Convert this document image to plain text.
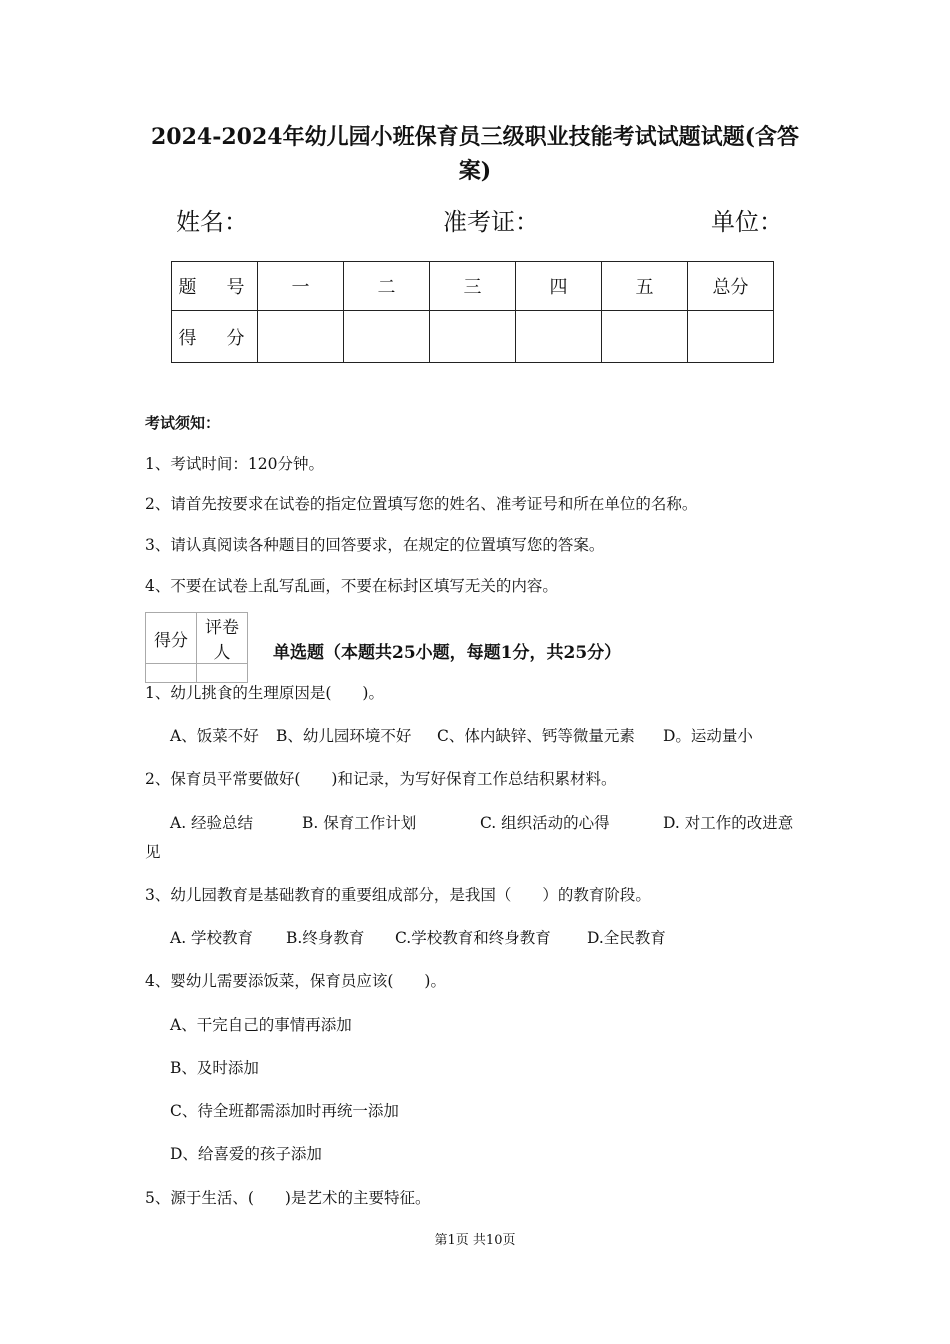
2024-2024年幼儿园小班保育员三级职业技能考试试题试题(含答
案)
姓名：	准考证：	单位：
题　号	一	二	三	四	五	总分
得　分						
考试须知：
1、考试时间：120分钟。
2、请首先按要求在试卷的指定位置填写您的姓名、准考证号和所在单位的名称。
3、请认真阅读各种题目的回答要求，在规定的位置填写您的答案。
4、不要在试卷上乱写乱画，不要在标封区填写无关的内容。
得分	评卷人
		单选题（本题共25小题，每题1分，共25分）
1、幼儿挑食的生理原因是(　　)。
A、饭菜不好 B、幼儿园环境不好 C、体内缺锌、钙等微量元素 D。运动量小
2、保育员平常要做好(　　)和记录，为写好保育工作总结积累材料。
A. 经验总结	B. 保育工作计划	C. 组织活动的心得	D. 对工作的改进意
见
3、幼儿园教育是基础教育的重要组成部分，是我国（　　）的教育阶段。
A. 学校教育 B.终身教育 C.学校教育和终身教育 D.全民教育
4、婴幼儿需要添饭菜，保育员应该(　　)。
A、干完自己的事情再添加
B、及时添加
C、待全班都需添加时再统一添加
D、给喜爱的孩子添加
5、源于生活、(　　)是艺术的主要特征。
第1页 共10页
